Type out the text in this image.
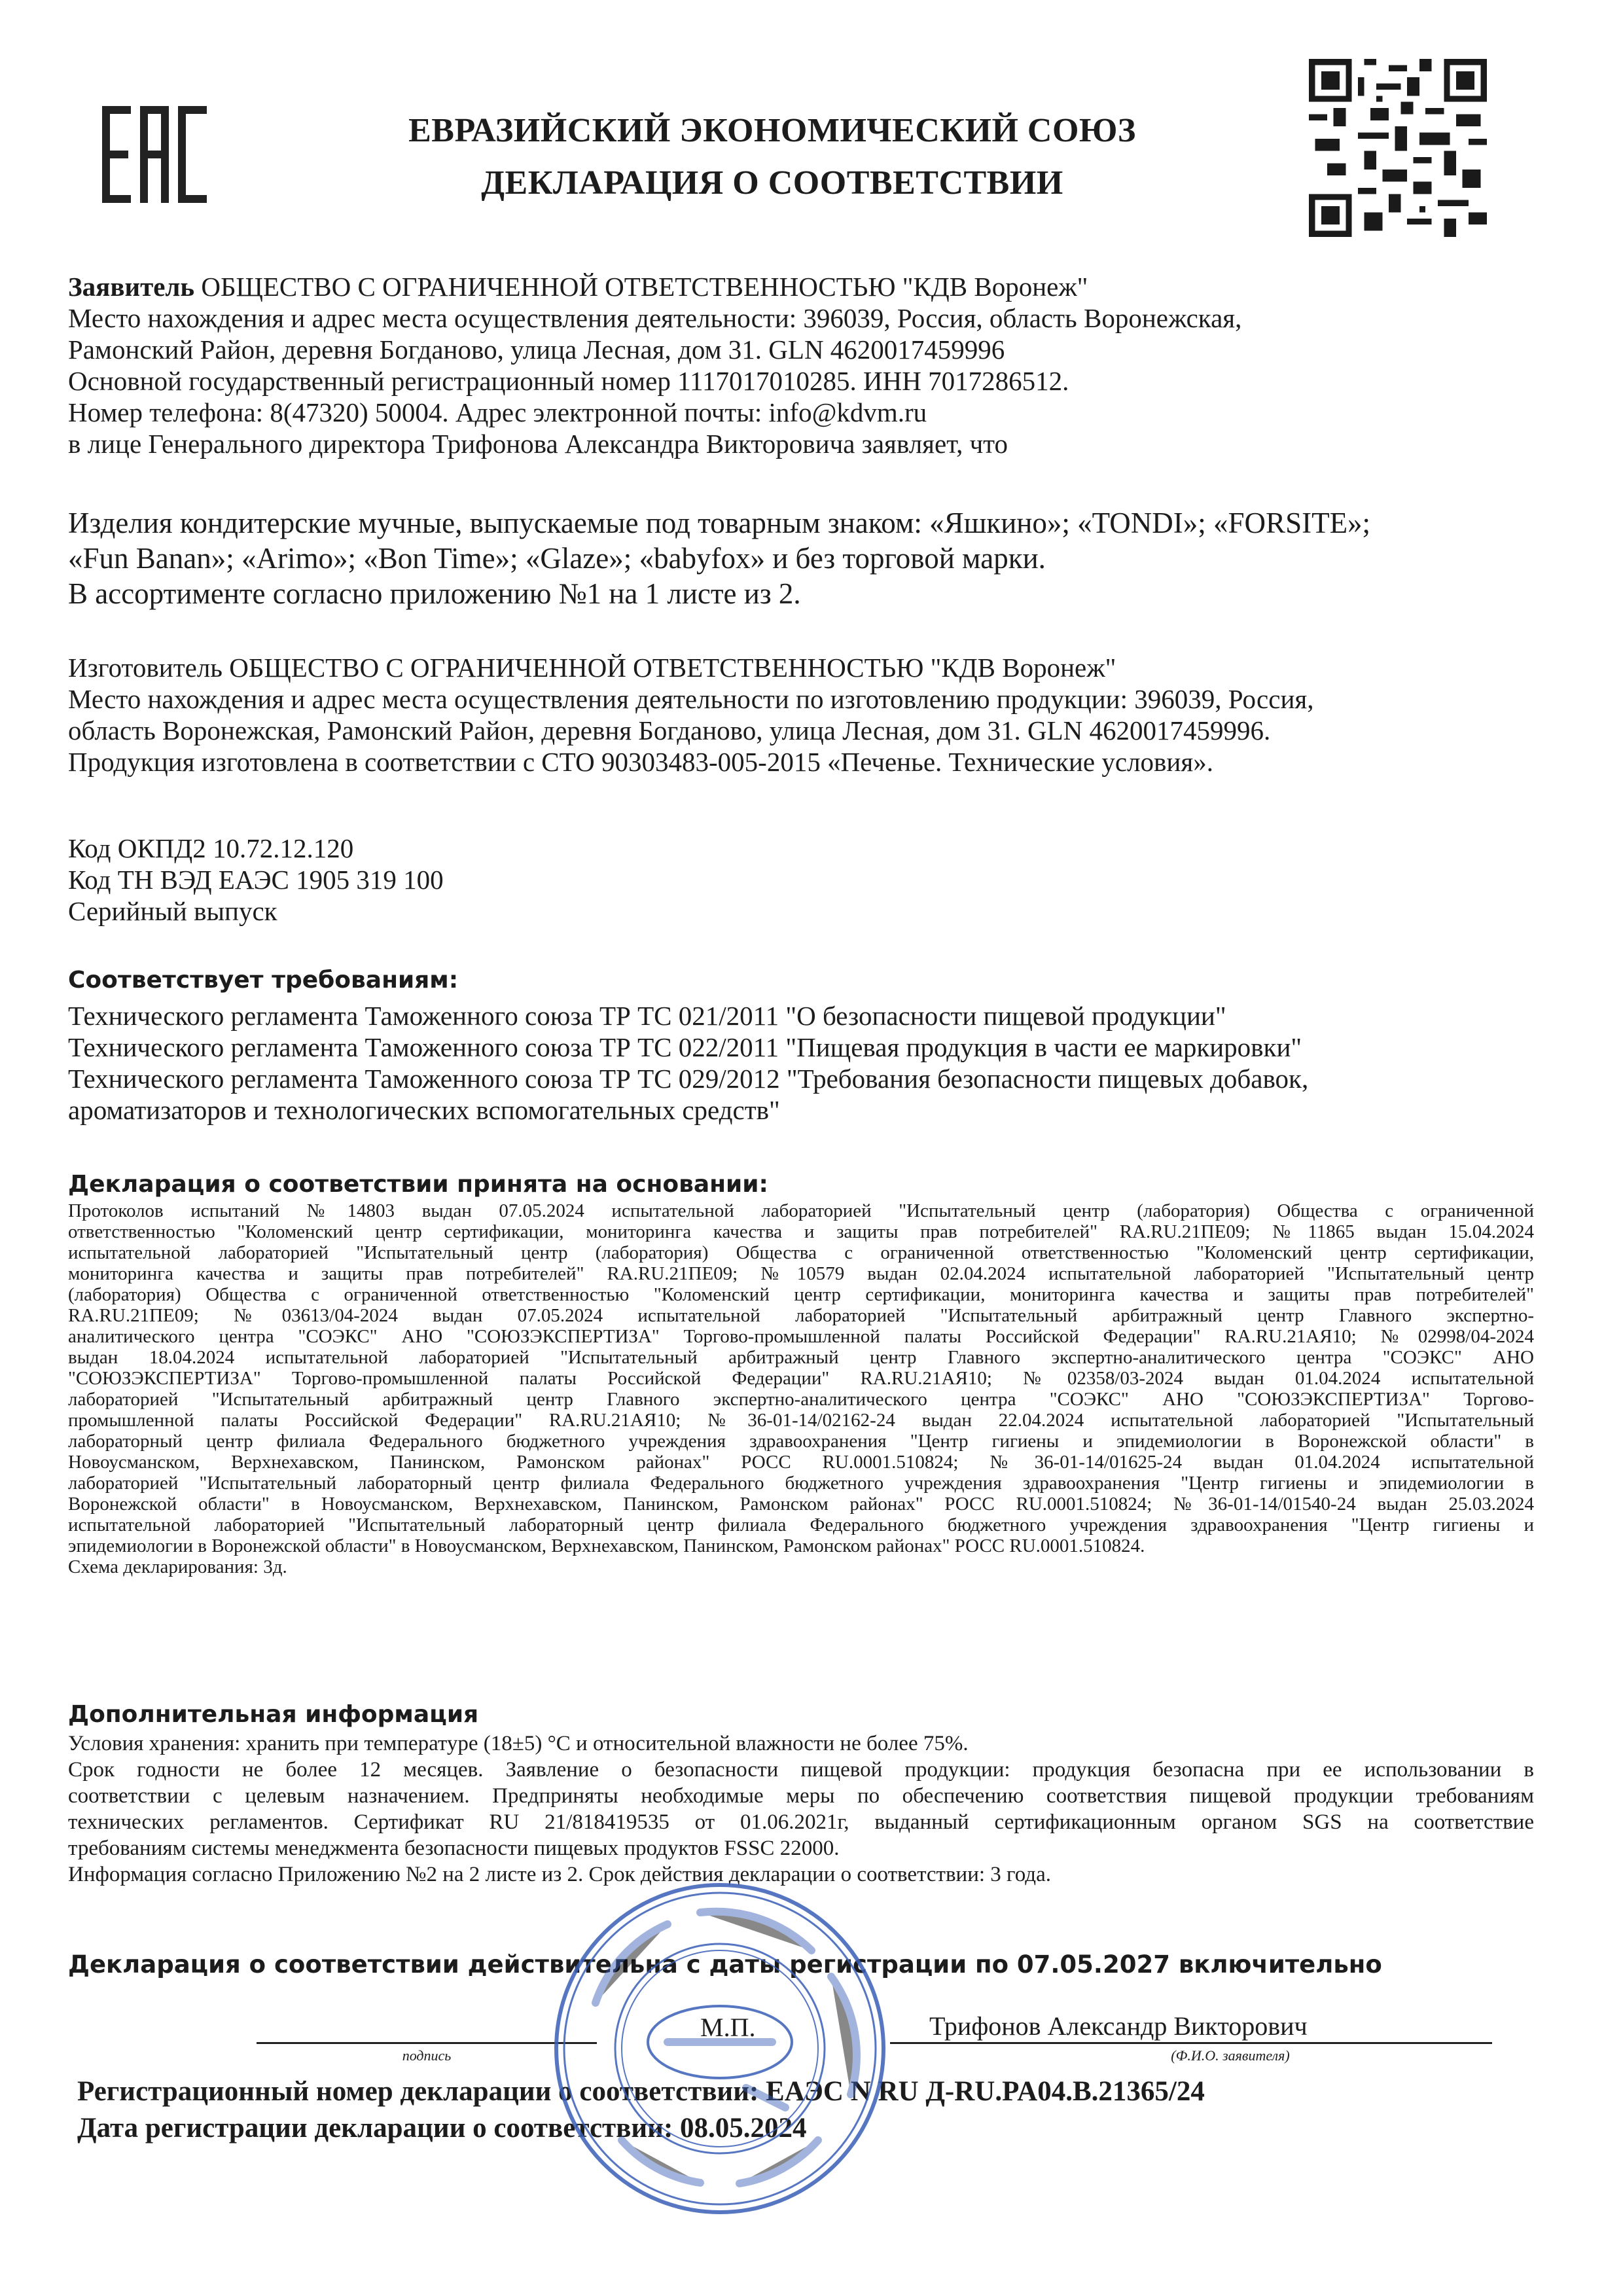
ЕВРАЗИЙСКИЙ ЭКОНОМИЧЕСКИЙ СОЮЗ
ДЕКЛАРАЦИЯ О СООТВЕТСТВИИ
Заявитель ОБЩЕСТВО С ОГРАНИЧЕННОЙ ОТВЕТСТВЕННОСТЬЮ "КДВ Воронеж"
Место нахождения и адрес места осуществления деятельности: 396039, Россия, область Воронежская,
Рамонский Район, деревня Богданово, улица Лесная, дом 31. GLN 4620017459996
Основной государственный регистрационный номер 1117017010285. ИНН 7017286512.
Номер телефона: 8(47320) 50004. Адрес электронной почты: info@kdvm.ru
в лице Генерального директора Трифонова Александра Викторовича заявляет, что
Изделия кондитерские мучные, выпускаемые под товарным знаком: «Яшкино»; «TONDI»; «FORSITE»;
«Fun Banan»; «Arimo»; «Bon Time»; «Glaze»; «babyfox» и без торговой марки.
В ассортименте согласно приложению №1 на 1 листе из 2.
Изготовитель ОБЩЕСТВО С ОГРАНИЧЕННОЙ ОТВЕТСТВЕННОСТЬЮ "КДВ Воронеж"
Место нахождения и адрес места осуществления деятельности по изготовлению продукции: 396039, Россия,
область Воронежская, Рамонский Район, деревня Богданово, улица Лесная, дом 31. GLN 4620017459996.
Продукция изготовлена в соответствии с СТО 90303483-005-2015 «Печенье. Технические условия».
Код ОКПД2 10.72.12.120
Код ТН ВЭД ЕАЭС 1905 319 100
Серийный выпуск
Соответствует требованиям:
Технического регламента Таможенного союза ТР ТС 021/2011 "О безопасности пищевой продукции"
Технического регламента Таможенного союза ТР ТС 022/2011 "Пищевая продукция в части ее маркировки"
Технического регламента Таможенного союза ТР ТС 029/2012 "Требования безопасности пищевых добавок,
ароматизаторов и технологических вспомогательных средств"
Декларация о соответствии принята на основании:
Протоколов испытаний №14803 выдан 07.05.2024 испытательной лабораторией "Испытательный центр (лаборатория) Общества с ограниченной
ответственностью "Коломенский центр сертификации, мониторинга качества и защиты прав потребителей" RA.RU.21ПЕ09; №11865 выдан 15.04.2024
испытательной лабораторией "Испытательный центр (лаборатория) Общества с ограниченной ответственностью "Коломенский центр сертификации,
мониторинга качества и защиты прав потребителей" RA.RU.21ПЕ09; №10579 выдан 02.04.2024 испытательной лабораторией "Испытательный центр
(лаборатория) Общества с ограниченной ответственностью "Коломенский центр сертификации, мониторинга качества и защиты прав потребителей"
RA.RU.21ПЕ09; №03613/04-2024 выдан 07.05.2024 испытательной лабораторией "Испытательный арбитражный центр Главного экспертно-
аналитического центра "СОЭКС" АНО "СОЮЗЭКСПЕРТИЗА" Торгово-промышленной палаты Российской Федерации" RA.RU.21АЯ10; №02998/04-2024
выдан 18.04.2024 испытательной лабораторией "Испытательный арбитражный центр Главного экспертно-аналитического центра "СОЭКС" АНО
"СОЮЗЭКСПЕРТИЗА" Торгово-промышленной палаты Российской Федерации" RA.RU.21АЯ10; №02358/03-2024 выдан 01.04.2024 испытательной
лабораторией "Испытательный арбитражный центр Главного экспертно-аналитического центра "СОЭКС" АНО "СОЮЗЭКСПЕРТИЗА" Торгово-
промышленной палаты Российской Федерации" RA.RU.21АЯ10; №36-01-14/02162-24 выдан 22.04.2024 испытательной лабораторией "Испытательный
лабораторный центр филиала Федерального бюджетного учреждения здравоохранения "Центр гигиены и эпидемиологии в Воронежской области" в
Новоусманском, Верхнехавском, Панинском, Рамонском районах" РОСС RU.0001.510824; №36-01-14/01625-24 выдан 01.04.2024 испытательной
лабораторией "Испытательный лабораторный центр филиала Федерального бюджетного учреждения здравоохранения "Центр гигиены и эпидемиологии в
Воронежской области" в Новоусманском, Верхнехавском, Панинском, Рамонском районах" РОСС RU.0001.510824; №36-01-14/01540-24 выдан 25.03.2024
испытательной лабораторией "Испытательный лабораторный центр филиала Федерального бюджетного учреждения здравоохранения "Центр гигиены и
эпидемиологии в Воронежской области" в Новоусманском, Верхнехавском, Панинском, Рамонском районах" РОСС RU.0001.510824.
Схема декларирования: 3д.
Дополнительная информация
Условия хранения: хранить при температуре (18±5) °С и относительной влажности не более 75%.
Срок годности не более 12 месяцев. Заявление о безопасности пищевой продукции: продукция безопасна при ее использовании в
соответствии с целевым назначением. Предприняты необходимые меры по обеспечению соответствия пищевой продукции требованиям
технических регламентов. Сертификат RU 21/818419535 от 01.06.2021г, выданный сертификационным органом SGS на соответствие
требованиям системы менеджмента безопасности пищевых продуктов FSSC 22000.
Информация согласно Приложению №2 на 2 листе из 2. Срок действия декларации о соответствии: 3 года.
Декларация о соответствии действительна с даты регистрации по 07.05.2027 включительно
подпись
М.П.	Трифонов Александр Викторович
(Ф.И.О. заявителя)
Регистрационный номер декларации о соответствии: ЕАЭС N RU Д-RU.PA04.B.21365/24
Дата регистрации декларации о соответствии: 08.05.2024
